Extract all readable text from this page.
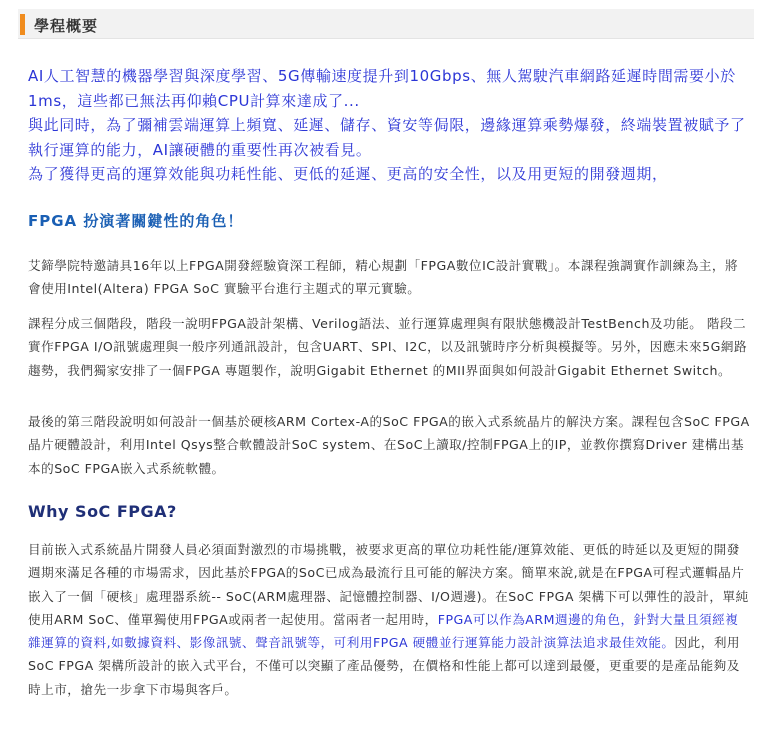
學程概要

AI人工智慧的機器學習與深度學習、5G傳輸速度提升到10Gbps、無人駕駛汽車網路延遲時間需要小於1ms，這些都已無法再仰賴CPU計算來達成了...

與此同時，為了彌補雲端運算上頻寬、延遲、儲存、資安等侷限，邊緣運算乘勢爆發，終端裝置被賦予了執行運算的能力，AI讓硬體的重要性再次被看見。

為了獲得更高的運算效能與功耗性能、更低的延遲、更高的安全性，以及用更短的開發週期，

FPGA 扮演著關鍵性的角色！

艾鍗學院特邀請具16年以上FPGA開發經驗資深工程師，精心規劃「FPGA數位IC設計實戰」。本課程強調實作訓練為主，將會使用Intel(Altera) FPGA SoC 實驗平台進行主題式的單元實驗。

課程分成三個階段，階段一說明FPGA設計架構、Verilog語法、並行運算處理與有限狀態機設計TestBench及功能。 階段二實作FPGA I/O訊號處理與一般序列通訊設計，包含UART、SPI、I2C，以及訊號時序分析與模擬等。另外，因應未來5G網路趨勢，我們獨家安排了一個FPGA 專題製作，說明Gigabit Ethernet 的MII界面與如何設計Gigabit Ethernet Switch。

最後的第三階段說明如何設計一個基於硬核ARM Cortex-A的SoC FPGA的嵌入式系統晶片的解決方案。課程包含SoC FPGA晶片硬體設計，利用Intel Qsys整合軟體設計SoC system、在SoC上讀取/控制FPGA上的IP，並教你撰寫Driver 建構出基本的SoC FPGA嵌入式系統軟體。

Why SoC FPGA?

目前嵌入式系統晶片開發人員必須面對激烈的市場挑戰，被要求更高的單位功耗性能/運算效能、更低的時延以及更短的開發週期來滿足各種的市場需求，因此基於FPGA的SoC已成為最流行且可能的解決方案。簡單來說,就是在FPGA可程式邏輯晶片嵌入了一個「硬核」處理器系統-- SoC(ARM處理器、記憶體控制器、I/O週邊)。在SoC FPGA 架構下可以彈性的設計，單純使用ARM SoC、僅單獨使用FPGA或兩者一起使用。當兩者一起用時，FPGA可以作為ARM週邊的角色，針對大量且須經複雜運算的資料,如數據資料、影像訊號、聲音訊號等，可利用FPGA 硬體並行運算能力設計演算法追求最佳效能。因此，利用SoC FPGA 架構所設計的嵌入式平台，不僅可以突顯了產品優勢，在價格和性能上都可以達到最優，更重要的是產品能夠及時上市，搶先一步拿下市場與客戶。
